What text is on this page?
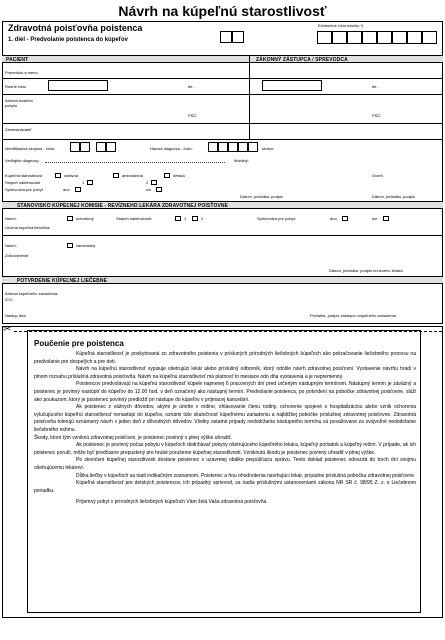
Návrh na kúpeľnú starostlivosť
Zdravotná poisťovňa poistenca
1. diel - Predvolanie poistenca do kúpeľov
Evidenčné číslo návrhu *)
PACIENT	ZÁKONNÝ ZÁSTUPCA / SPREVODCA
Priezvisko a meno
Rodné číslo	tel.:	tel.:
Adresa trvalého pobytu
PSČ:	PSČ:
Zamestnávateľ
Identifikačná skupina - číslo:	Hlavná diagnóza - číslo:	stranu:
Vedľajšie diagnózy:	Mobilný:
Kúpeľná starostlivosť	ústavná	ambulantná	detská	Overil:
Stupeň naliehavosti	1	2
Sprievodca pre pobyt	áno	nie
Dátum, pečiatka, podpis	Dátum, pečiatka, podpis
STANOVISKO KÚPEĽNEJ KOMISIE - REVÍZNEHO LEKÁRA ZDRAVOTNEJ POISŤOVNE
Návrh:	schválený	Stupeň naliehavosti:	1	2	Sprievodca pre pobyt:	áno	nie
Určená kúpeľná liečebňa:
Návrh:	zamietnutý
Zdôvodnenie:
Dátum, pečiatka, podpis revízneho lekára
POTVRDENIE KÚPEĽNEJ LIEČEBNE
Adresa kúpeľného zariadenia:
IČO:
Nástup dňa:	Pečiatka, podpis zástupcu kúpeľného zariadenia
✂
Poučenie pre poistenca

Kúpeľná starostlivosť je poskytovaná zo zdravotného poistenia v prísluných prírodných liečebných kúpeľoch ako pokračovanie liečebného procesu na predvolanie pre dospelých a pre deti.

Návrh na kúpeľnú starostlivosť vypisuje ošetrujúci lekár alebo príslušný odborník, ktorý odošle návrh zdravotnej poisťovni. Vystavenie návrhu hradí v plnom rozsahu príslušná zdravotná poisťovňa. Návrh na kúpeľnú starostlivosť má platnosť tri mesiace odo dňa vystavenia a je nepremenný.

Poistencov predvolávajú na kúpeľnú starostlivosť kúpele najmenej 6 pracovných dní pred určeným nástupným termínom. Nástupný termín je záväzný a poistenec je povinný nastúpiť do kúpeľov do 12.00 hod. v deň označený ako nástupný termín. Predvolanie poistenca, po potvrdení na pobočke zdravotnej poisťovne, slúži ako poukazom, ktorý je poistenec povinný predložiť pri nástupe do kúpeľov v príjmacej kancelárii.

Ak poistenec z vážnych dôvodov, akými je úmrtie v rodine, ohlasovanie členu rodiny, ochorenie spojené s hospitalizáciou alebo vznik ochorenia vylučujúceho kúpeľnú starostlivosť nenastúpi do kúpeľov, oznámi túto skutočnosť kúpeľnému zariadeniu a najbližšej pobočke príslušnej zdravotnej poisťovne. Zdravotná poisťovňa tolerujú oznámený návrh v jeden deň z dôvodných dôvodov. Všetky ostatné prípady nedodržania nástupného termínu sú považované za svojvoľné nedodržanie liečebného režimu.

Škody, ktoré tým vzniknú zdravotnej poisťovni, je poistenec povinný v plnej výške uhradiť.

Ak poistenec je povinný počas pobytu v kúpeľoch dodržiavať pokyny ošetrujúceho kúpeľného lekára, kúpeľný poriadok a kúpeľný režim. V prípade, ak ich poistenec poruší, môže byť predčasne prepustený pre hrubé porušenie kúpeľnej starostlivosti. Vzniknutú škodu je poistenec povinný uhradiť v plnej výške.

Po skončení kúpeľnej starostlivosti dostane poistenec v uzavretej obálke prepúšťaciu správu. Tento doklad poistenec odovzdá do troch dní svojmu ošetrujúcemu lekárovi.

Dĺžka liečby v kúpeľoch sa riadi indikačným zoznamom. Poistenec a ňou ohodnotenia navrhujúci lekár, prípadne príslušná pobočka zdravotnej poisťovne.

Kúpeľná starostlivosť pre detských poistencov, ich prípadný sprievod, sa riadia príslušnými ustanoveniami zákona NR SR č. 98/95 Z. z. o Liečebnom poriadku.

Príjemný pobyt v prírodných liečebných kúpeľoch Vám želá Vaša zdravotná poisťovňa.
